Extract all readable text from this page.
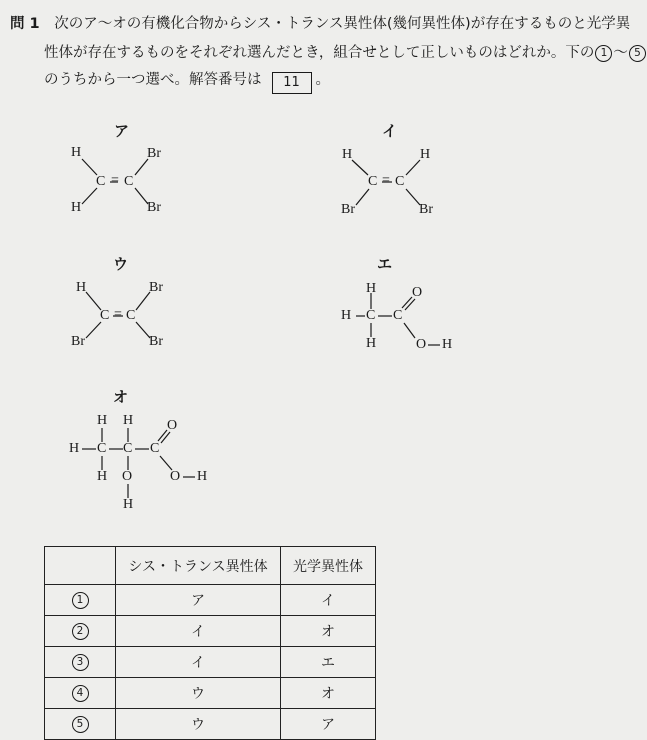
問 1 次のア～オの有機化合物からシス・トランス異性体(幾何異性体)が存在するものと光学異
性体が存在するものをそれぞれ選んだとき，組合せとして正しいものはどれか。下の 1 ～ 5
のうちから一つ選べ。解答番号は 11 。
ア
H
H
C = C
Br
Br
イ
H
Br
C = C
H
Br
ウ
H
Br
C = C
Br
Br
エ
H
H C
H
C
O
O H
オ
H
H C
H
H
C
O
H
C
O
O H
	シス・トランス異性体	光学異性体
1	ア	イ
2	イ	オ
3	イ	エ
4	ウ	オ
5	ウ	ア
